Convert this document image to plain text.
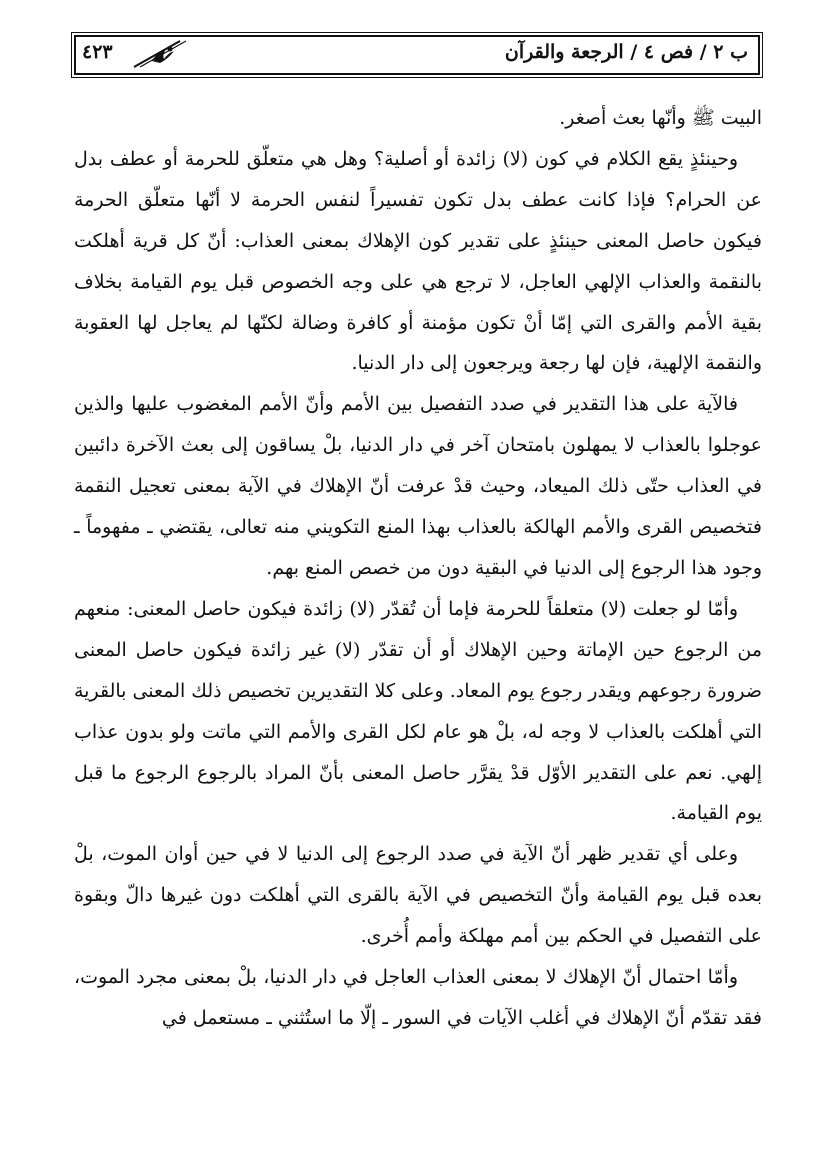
ب ٢ / فص ٤ / الرجعة والقرآن
٤٢٣

البيت ﷺ وأنّها بعث أصغر.

وحينئذٍ يقع الكلام في كون (لا) زائدة أو أصلية؟ وهل هي متعلّق للحرمة أو عطف بدل عن الحرام؟ فإذا كانت عطف بدل تكون تفسيراً لنفس الحرمة لا أنّها متعلّق الحرمة فيكون حاصل المعنى حينئذٍ على تقدير كون الإهلاك بمعنى العذاب: أنّ كل قرية أهلكت بالنقمة والعذاب الإلهي العاجل، لا ترجع هي على وجه الخصوص قبل يوم القيامة بخلاف بقية الأمم والقرى التي إمّا أنْ تكون مؤمنة أو كافرة وضالة لكنّها لم يعاجل لها العقوبة والنقمة الإلهية، فإن لها رجعة ويرجعون إلى دار الدنيا.

فالآية على هذا التقدير في صدد التفصيل بين الأمم وأنّ الأمم المغضوب عليها والذين عوجلوا بالعذاب لا يمهلون بامتحان آخر في دار الدنيا، بلْ يساقون إلى بعث الآخرة دائبين في العذاب حتّى ذلك الميعاد، وحيث قدْ عرفت أنّ الإهلاك في الآية بمعنى تعجيل النقمة فتخصيص القرى والأمم الهالكة بالعذاب بهذا المنع التكويني منه تعالى، يقتضي ـ مفهوماً ـ وجود هذا الرجوع إلى الدنيا في البقية دون من خصص المنع بهم.

وأمّا لو جعلت (لا) متعلقاً للحرمة فإما أن تُقدّر (لا) زائدة فيكون حاصل المعنى: منعهم من الرجوع حين الإماتة وحين الإهلاك أو أن تقدّر (لا) غير زائدة فيكون حاصل المعنى ضرورة رجوعهم ويقدر رجوع يوم المعاد. وعلى كلا التقديرين تخصيص ذلك المعنى بالقرية التي أهلكت بالعذاب لا وجه له، بلْ هو عام لكل القرى والأمم التي ماتت ولو بدون عذاب إلهي. نعم على التقدير الأوّل قدْ يقرَّر حاصل المعنى بأنّ المراد بالرجوع الرجوع ما قبل يوم القيامة.

وعلى أي تقدير ظهر أنّ الآية في صدد الرجوع إلى الدنيا لا في حين أوان الموت، بلْ بعده قبل يوم القيامة وأنّ التخصيص في الآية بالقرى التي أهلكت دون غيرها دالّ وبقوة على التفصيل في الحكم بين أمم مهلكة وأمم أُخرى.

وأمّا احتمال أنّ الإهلاك لا بمعنى العذاب العاجل في دار الدنيا، بلْ بمعنى مجرد الموت، فقد تقدّم أنّ الإهلاك في أغلب الآيات في السور ـ إلّا ما استُثني ـ مستعمل في
